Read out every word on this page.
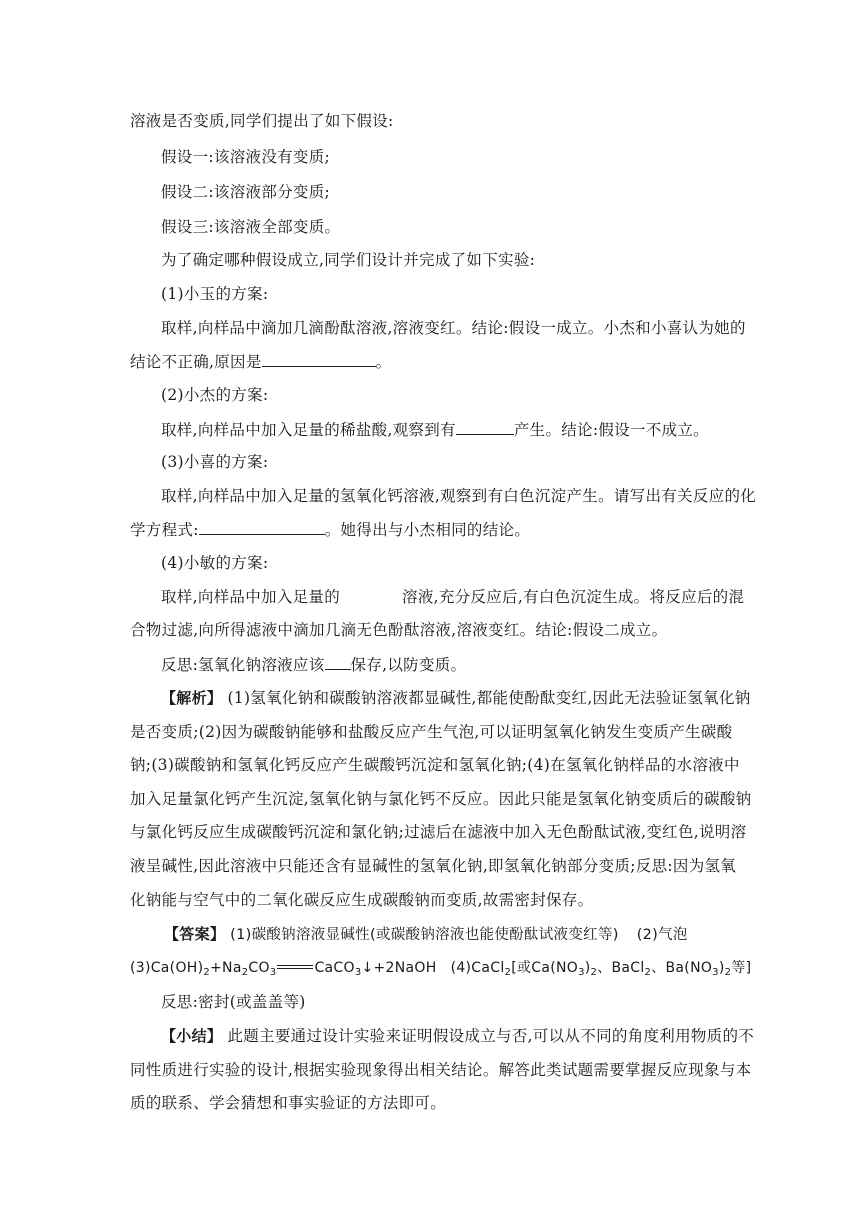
溶液是否变质,同学们提出了如下假设:
假设一:该溶液没有变质;
假设二:该溶液部分变质;
假设三:该溶液全部变质。
为了确定哪种假设成立,同学们设计并完成了如下实验:
(1)小玉的方案:
取样,向样品中滴加几滴酚酞溶液,溶液变红。结论:假设一成立。小杰和小喜认为她的
结论不正确,原因是	。
(2)小杰的方案:
取样,向样品中加入足量的稀盐酸,观察到有	产生。结论:假设一不成立。
(3)小喜的方案:
取样,向样品中加入足量的氢氧化钙溶液,观察到有白色沉淀产生。请写出有关反应的化
学方程式:	。她得出与小杰相同的结论。
(4)小敏的方案:
取样,向样品中加入足量的	溶液,充分反应后,有白色沉淀生成。将反应后的混
合物过滤,向所得滤液中滴加几滴无色酚酞溶液,溶液变红。结论:假设二成立。
反思:氢氧化钠溶液应该 保存,以防变质。
【解析】 (1)氢氧化钠和碳酸钠溶液都显碱性,都能使酚酞变红,因此无法验证氢氧化钠
是否变质;(2)因为碳酸钠能够和盐酸反应产生气泡,可以证明氢氧化钠发生变质产生碳酸
钠;(3)碳酸钠和氢氧化钙反应产生碳酸钙沉淀和氢氧化钠;(4)在氢氧化钠样品的水溶液中
加入足量氯化钙产生沉淀,氢氧化钠与氯化钙不反应。因此只能是氢氧化钠变质后的碳酸钠
与氯化钙反应生成碳酸钙沉淀和氯化钠;过滤后在滤液中加入无色酚酞试液,变红色,说明溶
液呈碱性,因此溶液中只能还含有显碱性的氢氧化钠,即氢氧化钠部分变质;反思:因为氢氧
化钠能与空气中的二氧化碳反应生成碳酸钠而变质,故需密封保存。
【答案】 (1)碳酸钠溶液显碱性(或碳酸钠溶液也能使酚酞试液变红等) (2)气泡
$(3)Ca(OH)_2+Na_2CO_3$	CaCO$_3$↓+2NaOH (4)CaCl$_2$[或$Ca(NO_3)_2$、BaCl$_2$、$Ba(NO_3)_2$等]
反思:密封(或盖盖等)
【小结】 此题主要通过设计实验来证明假设成立与否,可以从不同的角度利用物质的不
同性质进行实验的设计,根据实验现象得出相关结论。解答此类试题需要掌握反应现象与本
质的联系、学会猜想和事实验证的方法即可。
